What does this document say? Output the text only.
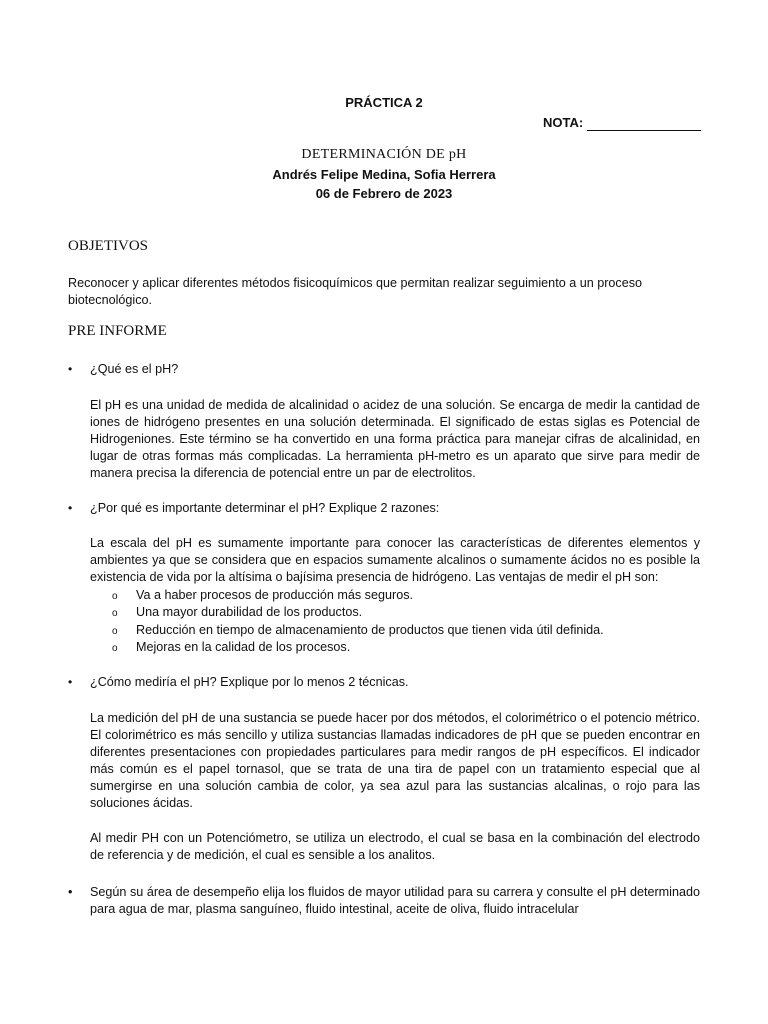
PRÁCTICA 2
NOTA:
DETERMINACIÓN DE pH
Andrés Felipe Medina, Sofia Herrera
06 de Febrero de 2023
OBJETIVOS
Reconocer y aplicar diferentes métodos fisicoquímicos que permitan realizar seguimiento a un proceso biotecnológico.
PRE INFORME
• ¿Qué es el pH?

El pH es una unidad de medida de alcalinidad o acidez de una solución. Se encarga de medir la cantidad de iones de hidrógeno presentes en una solución determinada. El significado de estas siglas es Potencial de Hidrogeniones. Este término se ha convertido en una forma práctica para manejar cifras de alcalinidad, en lugar de otras formas más complicadas. La herramienta pH-metro es un aparato que sirve para medir de manera precisa la diferencia de potencial entre un par de electrolitos.

• ¿Por qué es importante determinar el pH? Explique 2 razones:

La escala del pH es sumamente importante para conocer las características de diferentes elementos y ambientes ya que se considera que en espacios sumamente alcalinos o sumamente ácidos no es posible la existencia de vida por la altísima o bajísima presencia de hidrógeno. Las ventajas de medir el pH son:

o Va a haber procesos de producción más seguros.
o Una mayor durabilidad de los productos.
o Reducción en tiempo de almacenamiento de productos que tienen vida útil definida.
o Mejoras en la calidad de los procesos.
• ¿Cómo mediría el pH? Explique por lo menos 2 técnicas.

La medición del pH de una sustancia se puede hacer por dos métodos, el colorimétrico o el potencio métrico. El colorimétrico es más sencillo y utiliza sustancias llamadas indicadores de pH que se pueden encontrar en diferentes presentaciones con propiedades particulares para medir rangos de pH específicos. El indicador más común es el papel tornasol, que se trata de una tira de papel con un tratamiento especial que al sumergirse en una solución cambia de color, ya sea azul para las sustancias alcalinas, o rojo para las soluciones ácidas.

Al medir PH con un Potenciómetro, se utiliza un electrodo, el cual se basa en la combinación del electrodo de referencia y de medición, el cual es sensible a los analitos.

• Según su área de desempeño elija los fluidos de mayor utilidad para su carrera y consulte el pH determinado para agua de mar, plasma sanguíneo, fluido intestinal, aceite de oliva, fluido intracelular
